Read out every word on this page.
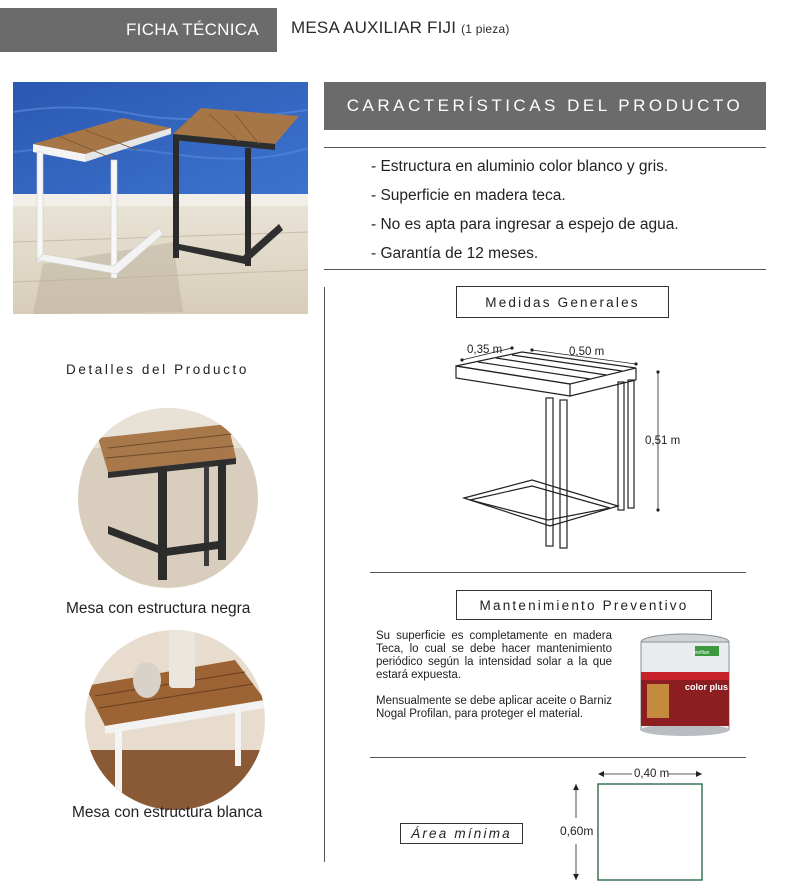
FICHA TÉCNICA MESA AUXILIAR FIJI (1 pieza)
CARACTERÍSTICAS DEL PRODUCTO
- Estructura en aluminio color blanco y gris.
- Superficie en madera teca.
- No es apta para ingresar a espejo de agua.
- Garantía de 12 meses.
Detalles del Producto
Mesa con estructura negra
Mesa con estructura blanca
Medidas Generales
0,35 m	0,50 m
0,51 m
Mantenimiento Preventivo

Su superficie es completamente en madera Teca, lo cual se debe hacer mantenimiento periódico según la intensidad solar a la que estará expuesta.

Mensualmente se debe aplicar aceite o Barniz Nogal Profilan, para proteger el material.

profilan
color plus
Área mínima
0,40 m
0,60m
